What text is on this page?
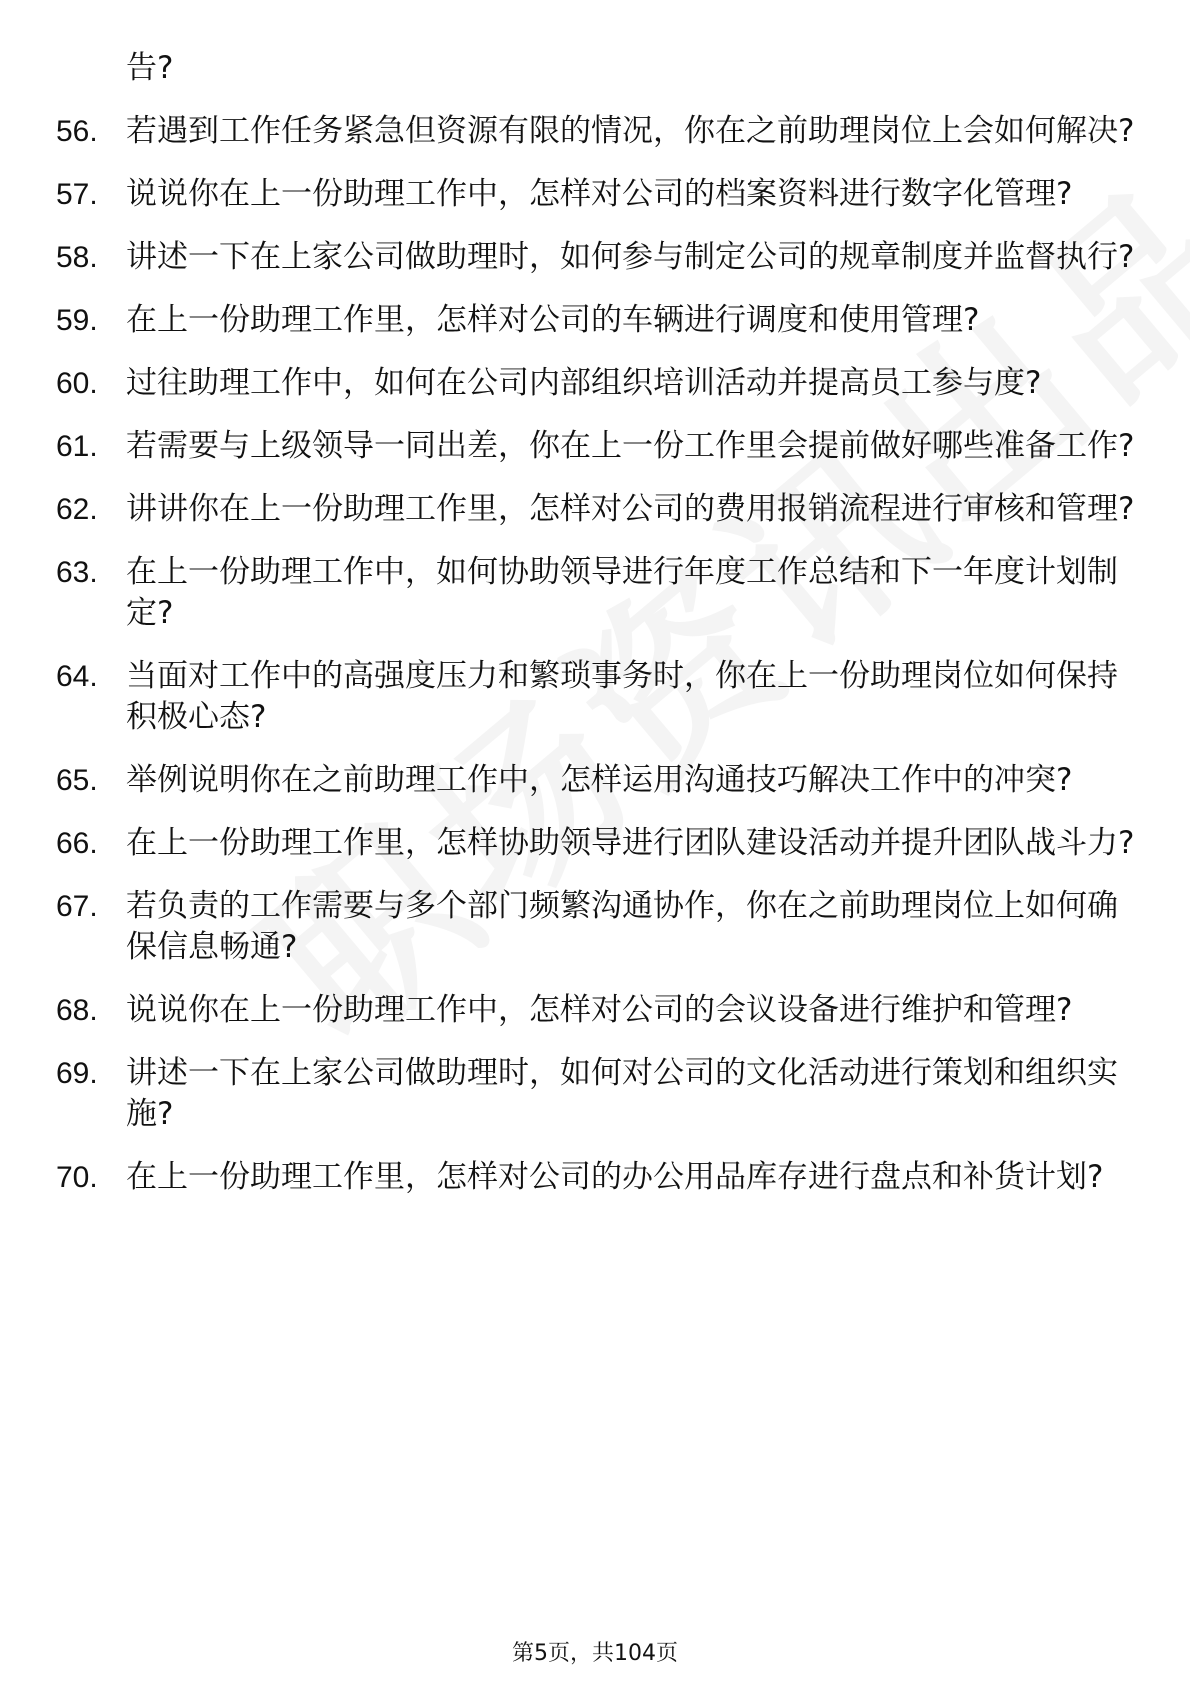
告?
56. 若遇到工作任务紧急但资源有限的情况，你在之前助理岗位上会如何解决?
57. 说说你在上一份助理工作中，怎样对公司的档案资料进行数字化管理?
58. 讲述一下在上家公司做助理时，如何参与制定公司的规章制度并监督执行?
59. 在上一份助理工作里，怎样对公司的车辆进行调度和使用管理?
60. 过往助理工作中，如何在公司内部组织培训活动并提高员工参与度?
61. 若需要与上级领导一同出差，你在上一份工作里会提前做好哪些准备工作?
62. 讲讲你在上一份助理工作里，怎样对公司的费用报销流程进行审核和管理?
63. 在上一份助理工作中，如何协助领导进行年度工作总结和下一年度计划制定?
64. 当面对工作中的高强度压力和繁琐事务时，你在上一份助理岗位如何保持积极心态?
65. 举例说明你在之前助理工作中，怎样运用沟通技巧解决工作中的冲突?
66. 在上一份助理工作里，怎样协助领导进行团队建设活动并提升团队战斗力?
67. 若负责的工作需要与多个部门频繁沟通协作，你在之前助理岗位上如何确保信息畅通?
68. 说说你在上一份助理工作中，怎样对公司的会议设备进行维护和管理?
69. 讲述一下在上家公司做助理时，如何对公司的文化活动进行策划和组织实施?
70. 在上一份助理工作里，怎样对公司的办公用品库存进行盘点和补货计划?
第5页，共104页
